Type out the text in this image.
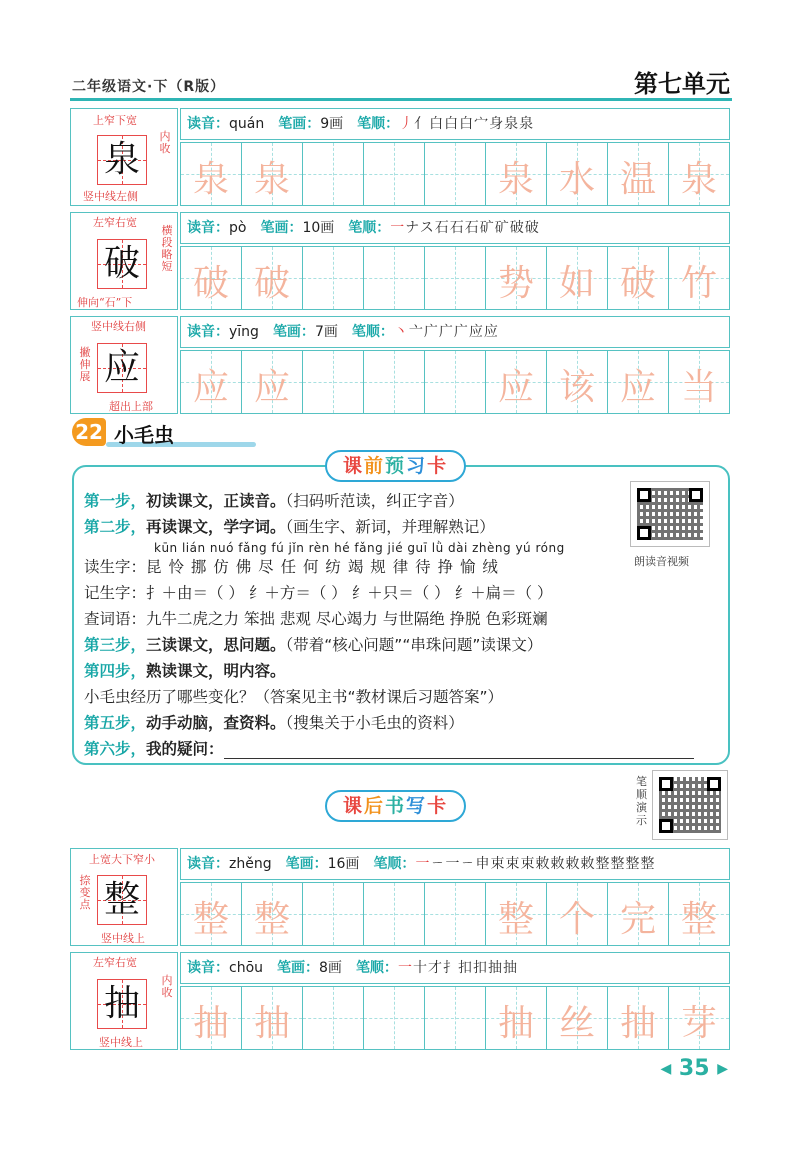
二年级语文·下（R版）	第七单元
泉
上窄下宽
内收
竖中线左侧
读音：quán 笔画：9画 笔顺：丿亻白白白宀身泉泉
泉 泉	泉 水 温 泉
破
左窄右宽
横段略短
伸向“石”下
读音：pò 笔画：10画 笔顺：一ナス石石石矿矿破破
破 破	势 如 破 竹
应
竖中线右侧
撇伸展
超出上部
读音：yīng 笔画：7画 笔顺：丶亠广广广应应
应 应	应 该 应 当
22 小毛虫
课前预习卡
第一步，初读课文，正读音。（扫码听范读，纠正字音）
第二步，再读课文，学字词。（画生字、新词，并理解熟记）
kūn lián nuó fǎng fú jǐn rèn hé fǎng jié guī lǜ dài zhèng yú róng
读生字：昆 怜 挪 仿 佛 尽 任 何 纺 竭 规 律 待 挣 愉 绒
记生字：扌＋由＝（ ） 纟＋方＝（ ） 纟＋只＝（ ） 纟＋扁＝（ ）
查词语：九牛二虎之力 笨拙 悲观 尽心竭力 与世隔绝 挣脱 色彩斑斓
第三步，三读课文，思问题。（带着“核心问题”“串珠问题”读课文）
第四步，熟读课文，明内容。
小毛虫经历了哪些变化？（答案见主书“教材课后习题答案”）
第五步，动手动脑，查资料。（搜集关于小毛虫的资料）
第六步，我的疑问：
朗读音视频
课后书写卡
笔顺演示
整
上宽大下窄小
捺变点
竖中线上
读音：zhěng 笔画：16画 笔顺：一ㄧ一ㄧ申束束束敕敕敕敕整整整整
整 整	整 个 完 整
抽
左窄右宽
内收
竖中线上
读音：chōu 笔画：8画 笔顺：一十才扌扣扣抽抽
抽 抽	抽 丝 抽 芽
◀ 35 ▶
